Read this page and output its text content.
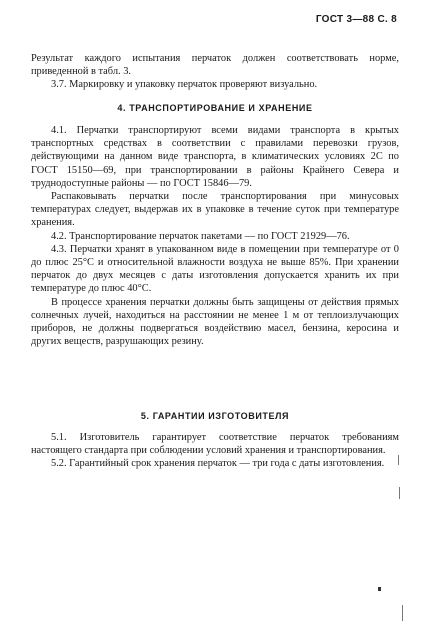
ГОСТ 3—88 С. 8

Результат каждого испытания перчаток должен соответствовать норме, приведенной в табл. 3.

3.7. Маркировку и упаковку перчаток проверяют визуально.

4. ТРАНСПОРТИРОВАНИЕ И ХРАНЕНИЕ

4.1. Перчатки транспортируют всеми видами транспорта в крытых транспортных средствах в соответствии с правилами перевозки грузов, действующими на данном виде транспорта, в климатических условиях 2С по ГОСТ 15150—69, при транспортировании в районы Крайнего Севера и труднодоступные районы — по ГОСТ 15846—79.

Распаковывать перчатки после транспортирования при минусовых температурах следует, выдержав их в упаковке в течение суток при температуре хранения.

4.2. Транспортирование перчаток пакетами — по ГОСТ 21929—76.

4.3. Перчатки хранят в упакованном виде в помещении при температуре от 0 до плюс 25°С и относительной влажности воздуха не выше 85%. При хранении перчаток до двух месяцев с даты изготовления допускается хранить их при температуре до плюс 40°С.

В процессе хранения перчатки должны быть защищены от действия прямых солнечных лучей, находиться на расстоянии не менее 1 м от теплоизлучающих приборов, не должны подвергаться воздействию масел, бензина, керосина и других веществ, разрушающих резину.

5. ГАРАНТИИ ИЗГОТОВИТЕЛЯ

5.1. Изготовитель гарантирует соответствие перчаток требованиям настоящего стандарта при соблюдении условий хранения и транспортирования.

5.2. Гарантийный срок хранения перчаток — три года с даты изготовления.
